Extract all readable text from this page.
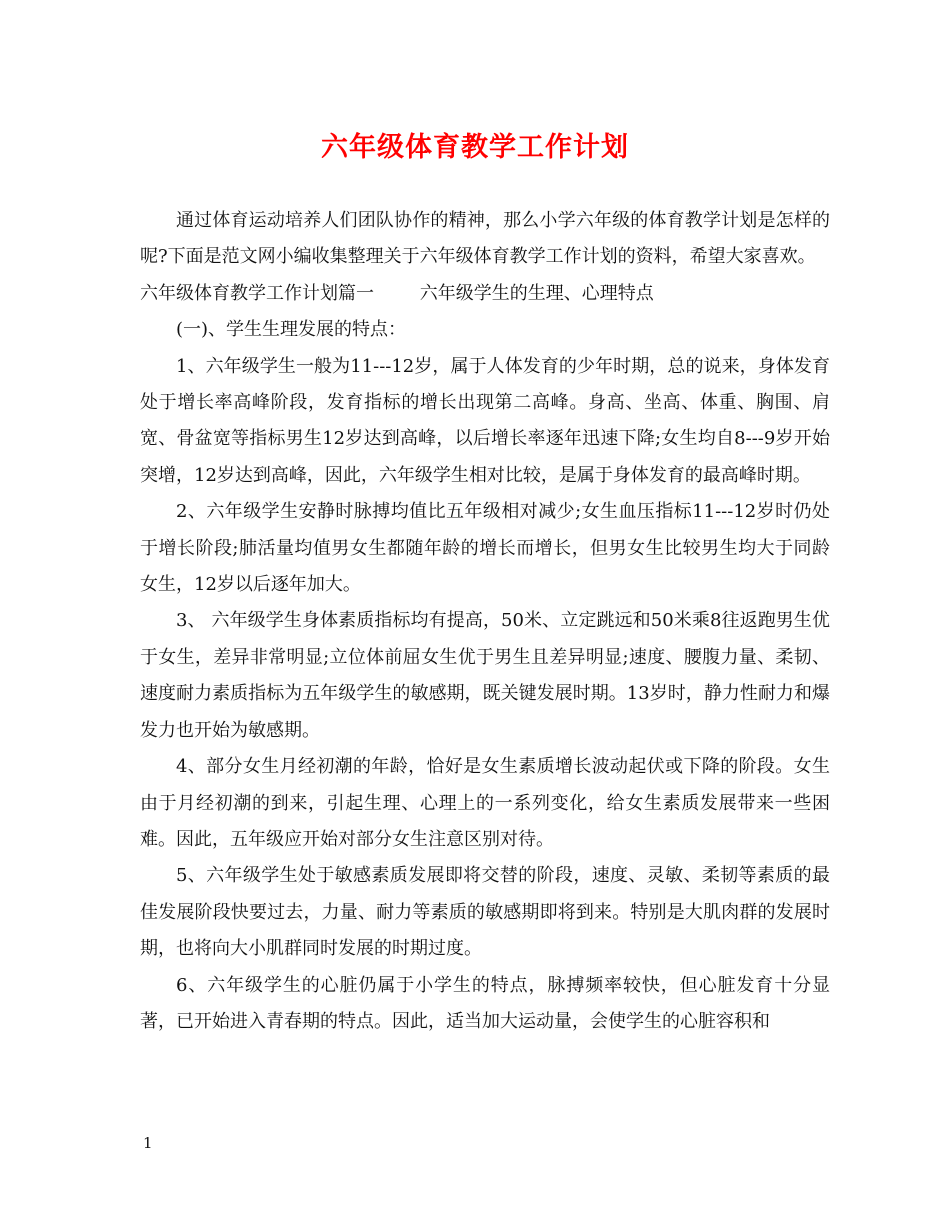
六年级体育教学工作计划

通过体育运动培养人们团队协作的精神，那么小学六年级的体育教学计划是怎样的呢?下面是范文网小编收集整理关于六年级体育教学工作计划的资料，希望大家喜欢。

六年级体育教学工作计划篇一        六年级学生的生理、心理特点

(一)、学生生理发展的特点：

1、六年级学生一般为11---12岁，属于人体发育的少年时期，总的说来，身体发育处于增长率高峰阶段，发育指标的增长出现第二高峰。身高、坐高、体重、胸围、肩宽、骨盆宽等指标男生12岁达到高峰，以后增长率逐年迅速下降;女生均自8---9岁开始突增，12岁达到高峰，因此，六年级学生相对比较，是属于身体发育的最高峰时期。

2、六年级学生安静时脉搏均值比五年级相对减少;女生血压指标11---12岁时仍处于增长阶段;肺活量均值男女生都随年龄的增长而增长，但男女生比较男生均大于同龄女生，12岁以后逐年加大。

3、 六年级学生身体素质指标均有提高，50米、立定跳远和50米乘8往返跑男生优于女生，差异非常明显;立位体前屈女生优于男生且差异明显;速度、腰腹力量、柔韧、速度耐力素质指标为五年级学生的敏感期，既关键发展时期。13岁时，静力性耐力和爆发力也开始为敏感期。

4、部分女生月经初潮的年龄，恰好是女生素质增长波动起伏或下降的阶段。女生由于月经初潮的到来，引起生理、心理上的一系列变化，给女生素质发展带来一些困难。因此，五年级应开始对部分女生注意区别对待。

5、六年级学生处于敏感素质发展即将交替的阶段，速度、灵敏、柔韧等素质的最佳发展阶段快要过去，力量、耐力等素质的敏感期即将到来。特别是大肌肉群的发展时期，也将向大小肌群同时发展的时期过度。

6、六年级学生的心脏仍属于小学生的特点，脉搏频率较快，但心脏发育十分显著，已开始进入青春期的特点。因此，适当加大运动量，会使学生的心脏容积和

1
